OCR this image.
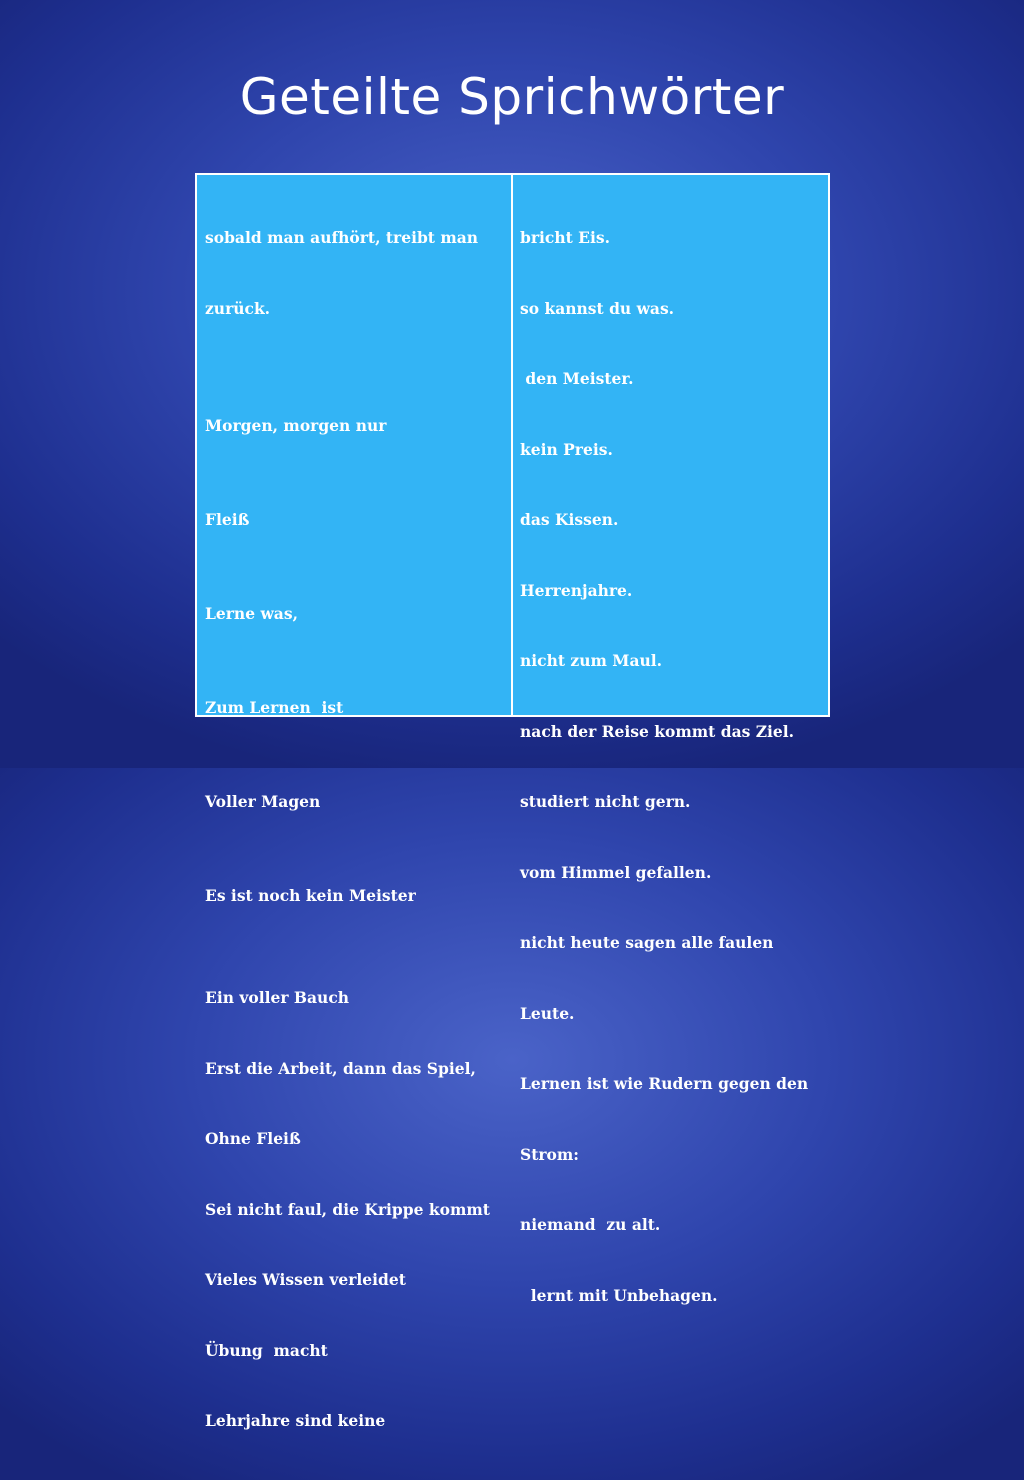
Geteilte Sprichwörter

sobald man aufhört, treibt man

zurück.

Morgen, morgen nur

Fleiß

Lerne was,

Zum Lernen  ist

Voller Magen

Es ist noch kein Meister

Ein voller Bauch

Erst die Arbeit, dann das Spiel,

Ohne Fleiß

Sei nicht faul, die Krippe kommt

Vieles Wissen verleidet

Übung  macht

Lehrjahre sind keine

bricht Eis.

so kannst du was.

den Meister.

kein Preis.

das Kissen.

Herrenjahre.

nicht zum Maul.

nach der Reise kommt das Ziel.

studiert nicht gern.

vom Himmel gefallen.

nicht heute sagen alle faulen

Leute.

Lernen ist wie Rudern gegen den

Strom:

niemand  zu alt.

lernt mit Unbehagen.
